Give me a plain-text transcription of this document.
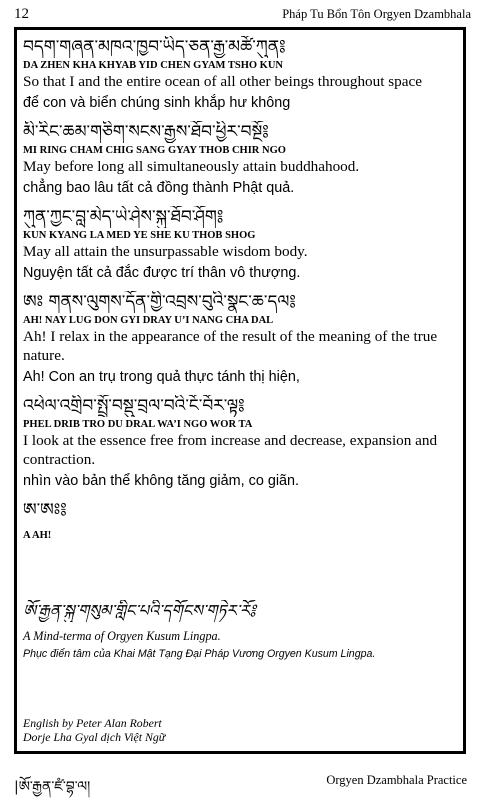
12	Pháp Tu Bổn Tôn Orgyen Dzambhala
བདག་གཞན་མཁའ་ཁྱབ་ཡིད་ཅན་རྒྱ་མཚོ་ཀུན༔
DA ZHEN KHA KHYAB YID CHEN GYAM TSHO KUN
So that I and the entire ocean of all other beings throughout space
để con và biển chúng sinh khắp hư không
མི་རིང་ཆམ་གཅིག་སངས་རྒྱས་ཐོབ་ཕྱིར་བསྔོ༔
MI RING CHAM CHIG SANG GYAY THOB CHIR NGO
May before long all simultaneously attain buddhahood.
chẳng bao lâu tất cả đồng thành Phật quả.
ཀུན་ཀྱང་བླ་མེད་ཡེ་ཤེས་སྐུ་ཐོབ་ཤོག༔
KUN KYANG LA MED YE SHE KU THOB SHOG
May all attain the unsurpassable wisdom body.
Nguyện tất cả đắc được trí thân vô thượng.
ཨཿ གནས་ལུགས་དོན་གྱི་འབྲས་བུའི་སྣང་ཆ་དལ༔
AH! NAY LUG DON GYI DRAY U’I NANG CHA DAL
Ah! I relax in the appearance of the result of the meaning of the true nature.
Ah! Con an trụ trong quả thực tánh thị hiện,
འཕེལ་འགྲིབ་སྤྲོ་བསྡུ་བྲལ་བའི་ངོ་བོར་ལྟ༔
PHEL DRIB TRO DU DRAL WA’I NGO WOR TA
I look at the essence free from increase and decrease, expansion and contraction.
nhìn vào bản thể không tăng giảm, co giãn.
ཨ་ཨཿ༔
A AH!
ཨོ་རྒྱན་སྐུ་གསུམ་གླིང་པའི་དགོངས་གཏེར་རོ༔
A Mind-terma of Orgyen Kusum Lingpa.
Phục điển tâm của Khai Mật Tạng Đại Pháp Vương Orgyen Kusum Lingpa.
English by Peter Alan Robert
Dorje Lha Gyal dịch Việt Ngữ
|ཨོ་རྒྱན་ཛཾ་བྷ་ལ།	Orgyen Dzambhala Practice
